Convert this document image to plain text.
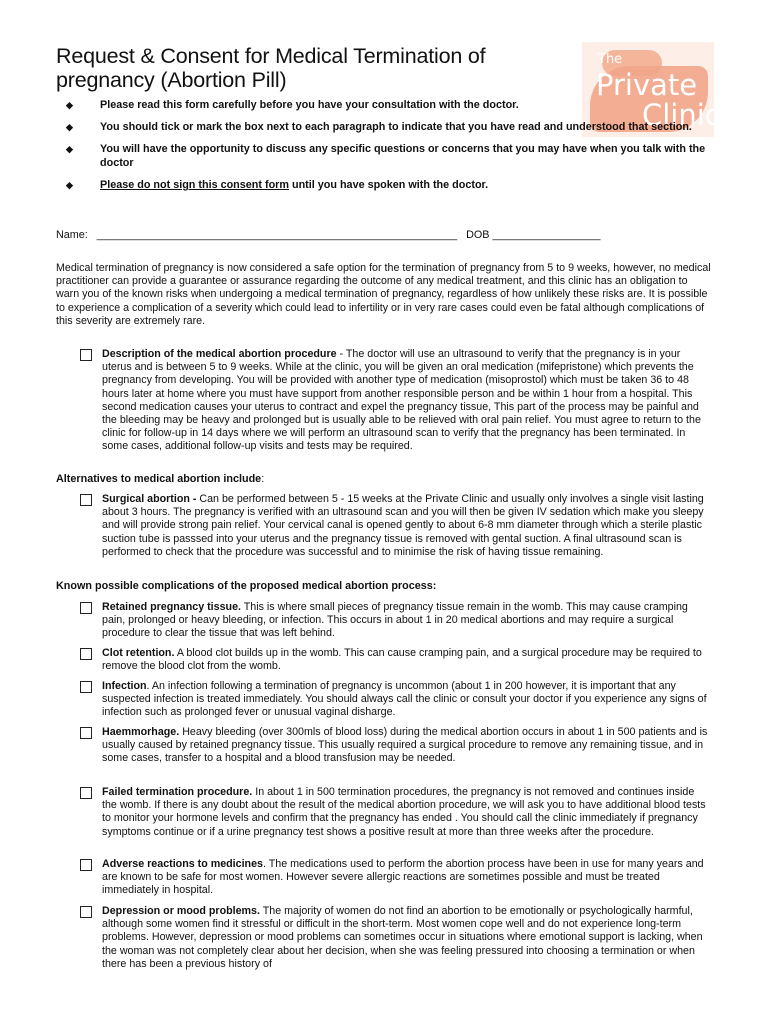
Request & Consent for Medical Termination of pregnancy (Abortion Pill)
The
Private
Clinic
◆	Please read this form carefully before you have your consultation with the doctor.
◆	You should tick or mark the box next to each paragraph to indicate that you have read and understood that section.
◆	You will have the opportunity to discuss any specific questions or concerns that you may have when you talk with the doctor
◆	Please do not sign this consent form until you have spoken with the doctor.
Name:   ____________________________________________________________   DOB __________________
Medical termination of pregnancy is now considered a safe option for the termination of pregnancy from 5 to 9 weeks, however, no medical practitioner can provide a guarantee or assurance regarding the outcome of any medical treatment, and this clinic has an obligation to warn you of the known risks when undergoing a medical termination of pregnancy, regardless of how unlikely these risks are. It is possible to experience a complication of a severity which could lead to infertility or in very rare cases could even be fatal although complications of this severity are extremely rare.
Description of the medical abortion procedure - The doctor will use an ultrasound to verify that the pregnancy is in your uterus and is between 5 to 9 weeks. While at the clinic, you will be given an oral medication (mifepristone) which prevents the pregnancy from developing. You will be provided with another type of medication (misoprostol) which must be taken 36 to 48 hours later at home where you must have support from another responsible person and be within 1 hour from a hospital. This second medication causes your uterus to contract and expel the pregnancy tissue, This part of the process may be painful and the bleeding may be heavy and prolonged but is usually able to be relieved with oral pain relief. You must agree to return to the clinic for follow-up in 14 days where we will perform an ultrasound scan to verify that the pregnancy has been terminated. In some cases, additional follow-up visits and tests may be required.
Alternatives to medical abortion include:
Surgical abortion - Can be performed between 5 - 15 weeks at the Private Clinic and usually only involves a single visit lasting about 3 hours. The pregnancy is verified with an ultrasound scan and you will then be given IV sedation which make you sleepy and will provide strong pain relief. Your cervical canal is opened gently to about 6-8 mm diameter through which a sterile plastic suction tube is passsed into your uterus and the pregnancy tissue is removed with gental suction. A final ultrasound scan is performed to check that the procedure was successful and to minimise the risk of having tissue remaining.
Known possible complications of the proposed medical abortion process:
Retained pregnancy tissue. This is where small pieces of pregnancy tissue remain in the womb. This may cause cramping pain, prolonged or heavy bleeding, or infection. This occurs in about 1 in 20 medical abortions and may require a surgical procedure to clear the tissue that was left behind.
Clot retention. A blood clot builds up in the womb. This can cause cramping pain, and a surgical procedure may be required to remove the blood clot from the womb.
Infection. An infection following a termination of pregnancy is uncommon (about 1 in 200 however, it is important that any suspected infection is treated immediately. You should always call the clinic or consult your doctor if you experience any signs of infection such as prolonged fever or unusual vaginal disharge.
Haemmorhage. Heavy bleeding (over 300mls of blood loss) during the medical abortion occurs in about 1 in 500 patients and is usually caused by retained pregnancy tissue. This usually required a surgical procedure to remove any remaining tissue, and in some cases, transfer to a hospital and a blood transfusion may be needed.
Failed termination procedure. In about 1 in 500 termination procedures, the pregnancy is not removed and continues inside the womb. If there is any doubt about the result of the medical abortion procedure, we will ask you to have additional blood tests to monitor your hormone levels and confirm that the pregnancy has ended . You should call the clinic immediately if pregnancy symptoms continue or if a urine pregnancy test shows a positive result at more than three weeks after the procedure.
Adverse reactions to medicines. The medications used to perform the abortion process have been in use for many years and are known to be safe for most women. However severe allergic reactions are sometimes possible and must be treated immediately in hospital.
Depression or mood problems. The majority of women do not find an abortion to be emotionally or psychologically harmful, although some women find it stressful or difficult in the short-term. Most women cope well and do not experience long-term problems. However, depression or mood problems can sometimes occur in situations where emotional support is lacking, when the woman was not completely clear about her decision, when she was feeling pressured into choosing a termination or when there has been a previous history of
